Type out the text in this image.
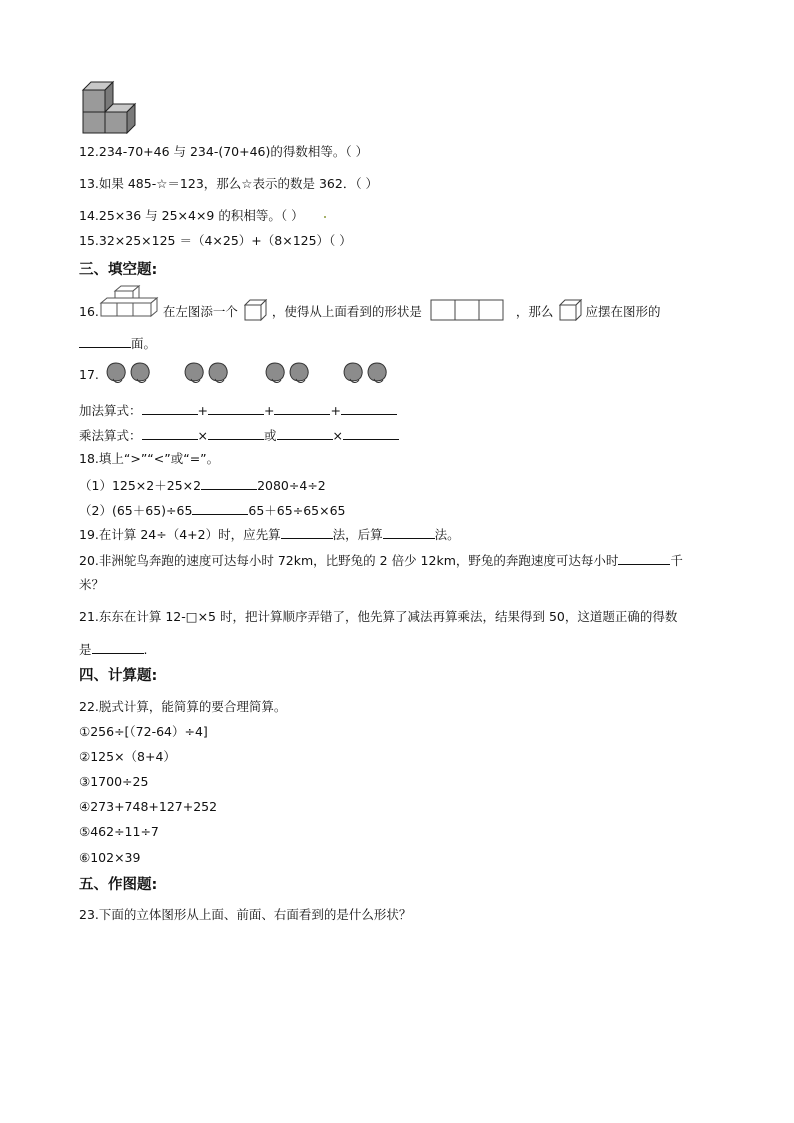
12.234-70+46 与 234-(70+46)的得数相等。（ ）
13.如果 485-☆＝123，那么☆表示的数是 362．（ ）
14.25×36 与 25×4×9 的积相等。（ ）
15.32×25×125 ＝（4×25）+（8×125）（ ）
三、填空题:
16.	在左图添一个	，使得从上面看到的形状是	，那么	应摆在图形的
面。
17.
加法算式：	+	+	+
乘法算式：	×	或	×
18.填上“>”“<”或“=”。
（1）125×2＋25×2	2080÷4÷2
（2）(65＋65)÷65	65＋65÷65×65
19.在计算 24÷（4+2）时，应先算	法，后算	法。
20.非洲鸵鸟奔跑的速度可达每小时 72km，比野兔的 2 倍少 12km，野兔的奔跑速度可达每小时	千
米？
21.东东在计算 12-□×5 时，把计算顺序弄错了，他先算了减法再算乘法，结果得到 50，这道题正确的得数
是	.
四、计算题:
22.脱式计算，能简算的要合理简算。
①256÷[（72-64）÷4]
②125×（8+4）
③1700÷25
④273+748+127+252
⑤462÷11÷7
⑥102×39
五、作图题:
23.下面的立体图形从上面、前面、右面看到的是什么形状？
